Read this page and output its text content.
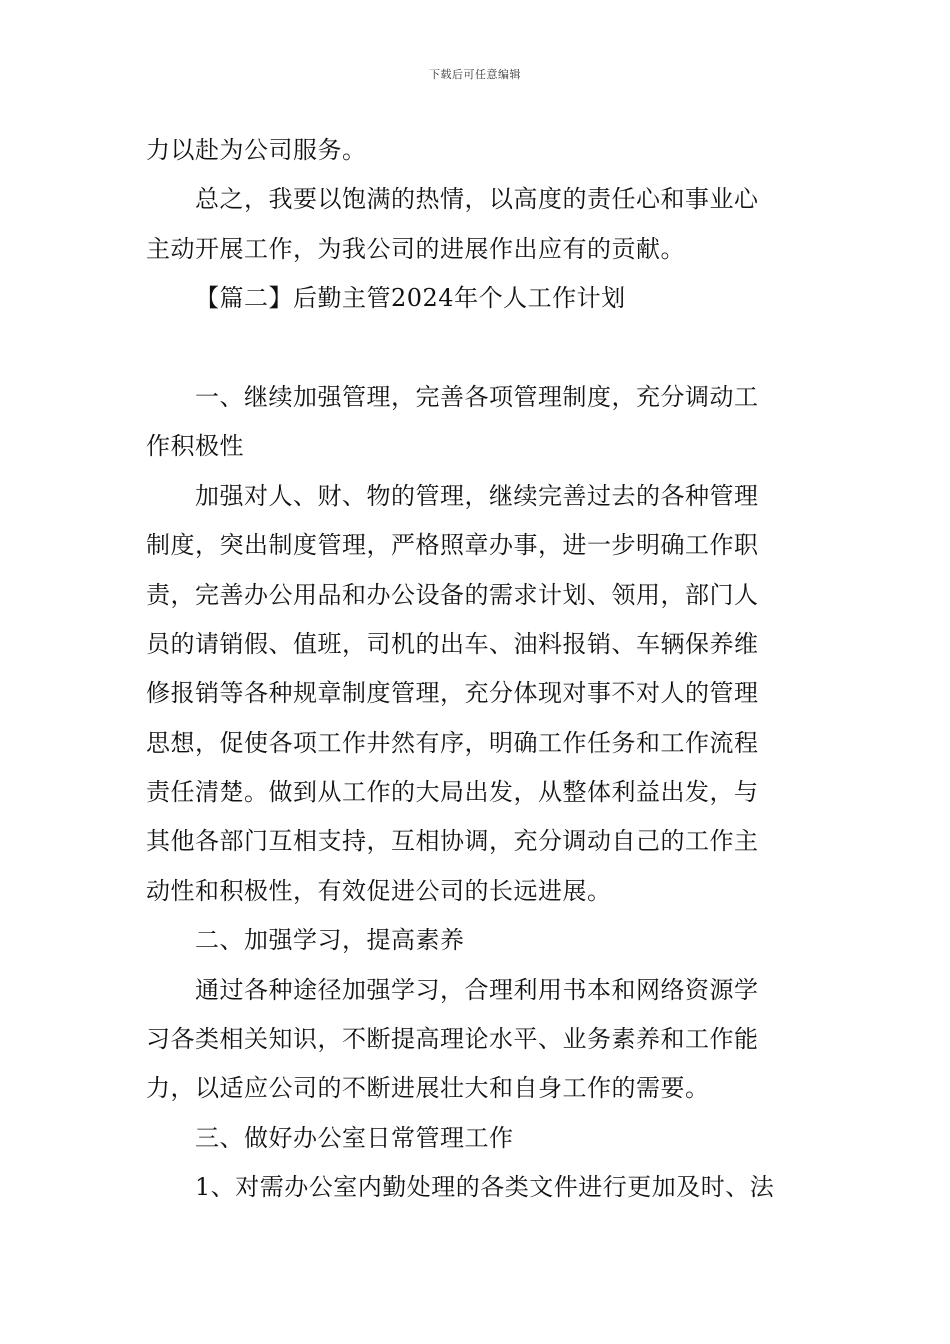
下载后可任意编辑
力以赴为公司服务。
总之，我要以饱满的热情，以高度的责任心和事业心
主动开展工作，为我公司的进展作出应有的贡献。
【篇二】后勤主管2024年个人工作计划
一、继续加强管理，完善各项管理制度，充分调动工
作积极性
加强对人、财、物的管理，继续完善过去的各种管理
制度，突出制度管理，严格照章办事，进一步明确工作职
责，完善办公用品和办公设备的需求计划、领用，部门人
员的请销假、值班，司机的出车、油料报销、车辆保养维
修报销等各种规章制度管理，充分体现对事不对人的管理
思想，促使各项工作井然有序，明确工作任务和工作流程
责任清楚。做到从工作的大局出发，从整体利益出发，与
其他各部门互相支持，互相协调，充分调动自己的工作主
动性和积极性，有效促进公司的长远进展。
二、加强学习，提高素养
通过各种途径加强学习，合理利用书本和网络资源学
习各类相关知识，不断提高理论水平、业务素养和工作能
力，以适应公司的不断进展壮大和自身工作的需要。
三、做好办公室日常管理工作
1、对需办公室内勤处理的各类文件进行更加及时、法
